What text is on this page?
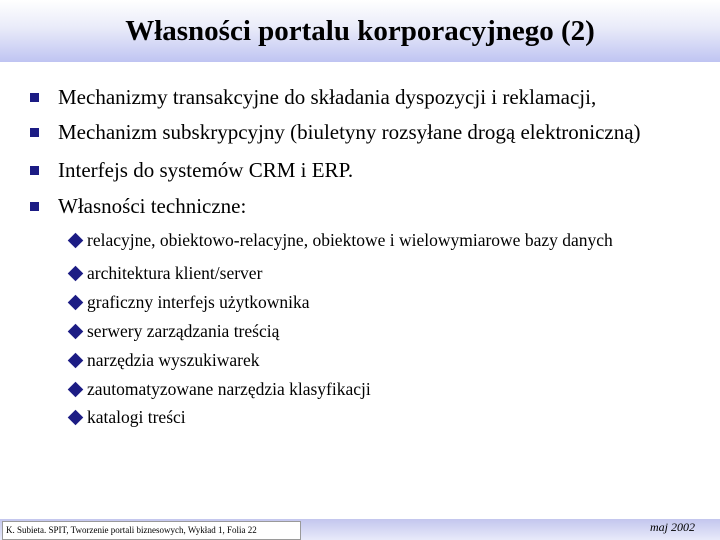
Własności portalu korporacyjnego (2)
Mechanizmy transakcyjne do składania dyspozycji i reklamacji,
Mechanizm subskrypcyjny (biuletyny rozsyłane drogą elektroniczną)
Interfejs do systemów CRM i ERP.
Własności techniczne:
relacyjne, obiektowo-relacyjne, obiektowe i wielowymiarowe bazy danych
architektura klient/server
graficzny interfejs użytkownika
serwery zarządzania treścią
narzędzia wyszukiwarek
zautomatyzowane narzędzia klasyfikacji
katalogi treści
K. Subieta. SPIT, Tworzenie portali biznesowych, Wykład 1, Folia 22	maj 2002
